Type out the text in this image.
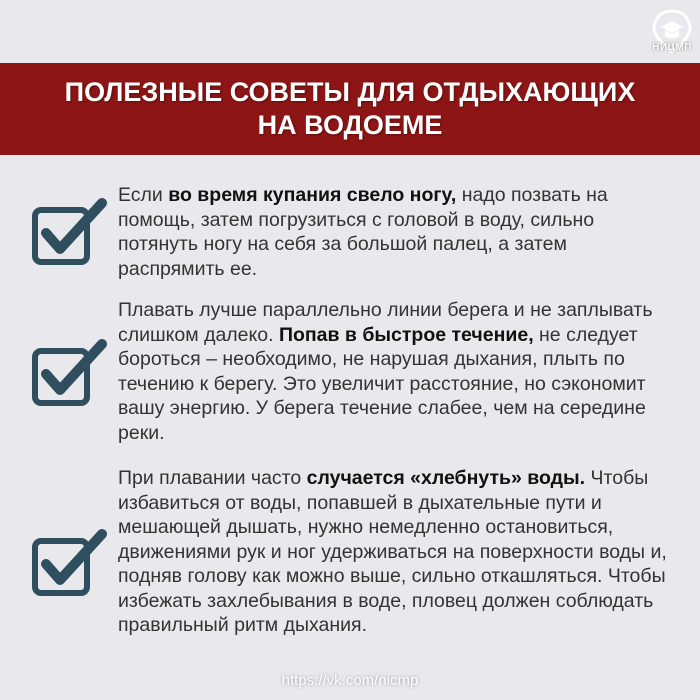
НИЦМП
ПОЛЕЗНЫЕ СОВЕТЫ ДЛЯ ОТДЫХАЮЩИХ
НА ВОДОЕМЕ
Если во время купания свело ногу, надо позвать на помощь, затем погрузиться с головой в воду, сильно потянуть ногу на себя за большой палец, а затем распрямить ее.
Плавать лучше параллельно линии берега и не заплывать слишком далеко. Попав в быстрое течение, не следует бороться – необходимо, не нарушая дыхания, плыть по течению к берегу. Это увеличит расстояние, но сэкономит вашу энергию. У берега течение слабее, чем на середине реки.
При плавании часто случается «хлебнуть» воды. Чтобы избавиться от воды, попавшей в дыхательные пути и мешающей дышать, нужно немедленно остановиться, движениями рук и ног удерживаться на поверхности воды и, подняв голову как можно выше, сильно откашляться. Чтобы избежать захлебывания в воде, пловец должен соблюдать правильный ритм дыхания.
https://vk.com/nicmp
